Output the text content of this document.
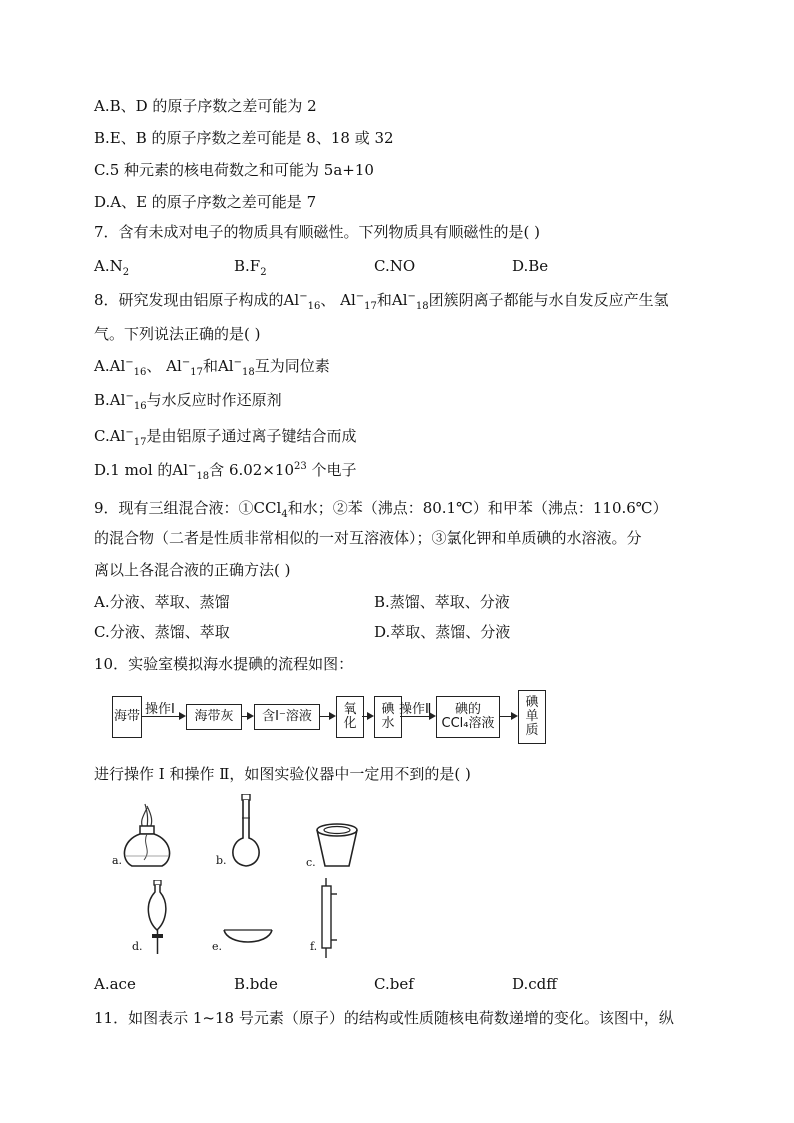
A.B、D 的原子序数之差可能为 2
B.E、B 的原子序数之差可能是 8、18 或 32
C.5 种元素的核电荷数之和可能为 5a+10
D.A、E 的原子序数之差可能是 7
7．含有未成对电子的物质具有顺磁性。下列物质具有顺磁性的是( )
$A.N_2$	$B.F_2$	C.NO	D.Be
8．研究发现由铝原子构成的$Al^-_{16}$、 $Al^-_{17}$和$Al^-_{18}$团簇阴离子都能与水自发反应产生氢
气。下列说法正确的是( )
$A.Al^-_{16}$、 $Al^-_{17}$和$Al^-_{18}$互为同位素
$B.Al^-_{16}$与水反应时作还原剂
$C.Al^-_{17}$是由铝原子通过离子键结合而成
D.1 mol 的$Al^-_{18}$含 $6.02\times 10^{23}$ 个电子
9．现有三组混合液：①CCl$_4$和水；②苯（沸点：80.1℃）和甲苯（沸点：110.6℃）
的混合物（二者是性质非常相似的一对互溶液体）；③氯化钾和单质碘的水溶液。分
离以上各混合液的正确方法( )
A.分液、萃取、蒸馏	B.蒸馏、萃取、分液
C.分液、蒸馏、萃取	D.萃取、蒸馏、分液
10．实验室模拟海水提碘的流程如图：
海带 操作Ⅰ	海带灰	含I⁻溶液	氧化
碘水
操作Ⅱ 碘的
CCl₄溶液
碘单质
进行操作 I 和操作 Ⅱ，如图实验仪器中一定用不到的是( )
a.	b.	c.
d.	e.	f.
A.ace	B.bde	C.bef	D.cdff
11．如图表示 1~18 号元素（原子）的结构或性质随核电荷数递增的变化。该图中，纵
